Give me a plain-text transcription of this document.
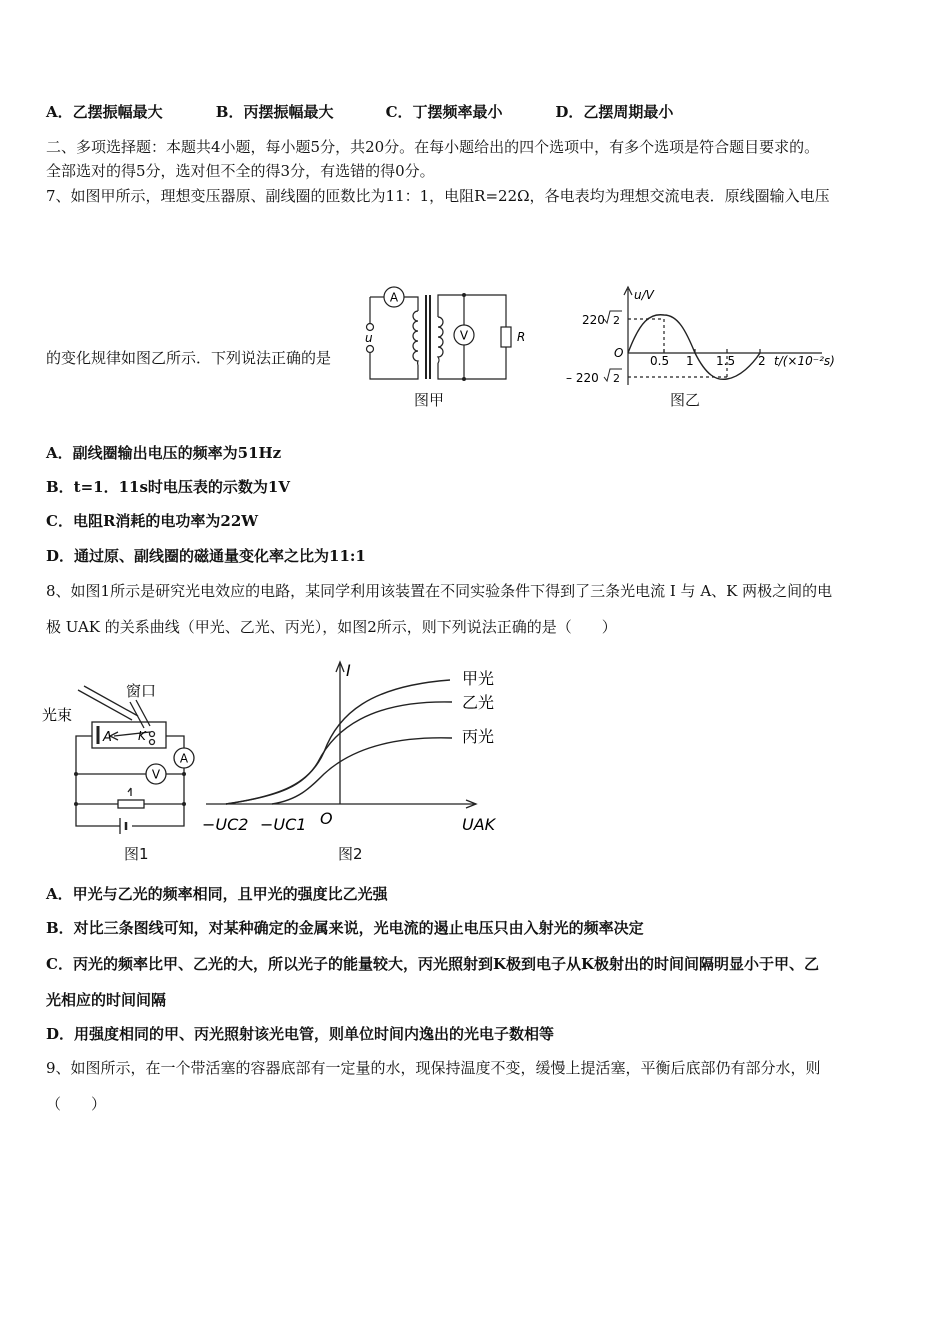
A．乙摆振幅最大	B．丙摆振幅最大	C．丁摆频率最小	D．乙摆周期最小
二、多项选择题：本题共4小题，每小题5分，共20分。在每小题给出的四个选项中，有多个选项是符合题目要求的。
全部选对的得5分，选对但不全的得3分，有选错的得0分。
7、如图甲所示，理想变压器原、副线圈的匝数比为11：1，电阻R=22Ω，各电表均为理想交流电表．原线圈输入电压
的变化规律如图乙所示．下列说法正确的是
A
V	R
u
图甲
u/V
220 2
– 220 2
O
0.5 1 1.5 2 t/(×10⁻²s)
图乙
A．副线圈输出电压的频率为51Hz
B．t=1．11s时电压表的示数为1V
C．电阻R消耗的电功率为22W
D．通过原、副线圈的磁通量变化率之比为11:1
8、如图1所示是研究光电效应的电路，某同学利用该装置在不同实验条件下得到了三条光电流 I 与 A、K 两极之间的电
极 UAK 的关系曲线（甲光、乙光、丙光），如图2所示，则下列说法正确的是（　　）
窗口
光束
A K
A
V
图1
I
O
−UC2 −UC1	UAK
甲光
乙光
丙光
图2
A．甲光与乙光的频率相同，且甲光的强度比乙光强
B．对比三条图线可知，对某种确定的金属来说，光电流的遏止电压只由入射光的频率决定
C．丙光的频率比甲、乙光的大，所以光子的能量较大，丙光照射到K极到电子从K极射出的时间间隔明显小于甲、乙
光相应的时间间隔
D．用强度相同的甲、丙光照射该光电管，则单位时间内逸出的光电子数相等
9、如图所示，在一个带活塞的容器底部有一定量的水，现保持温度不变，缓慢上提活塞，平衡后底部仍有部分水，则
（　　）
